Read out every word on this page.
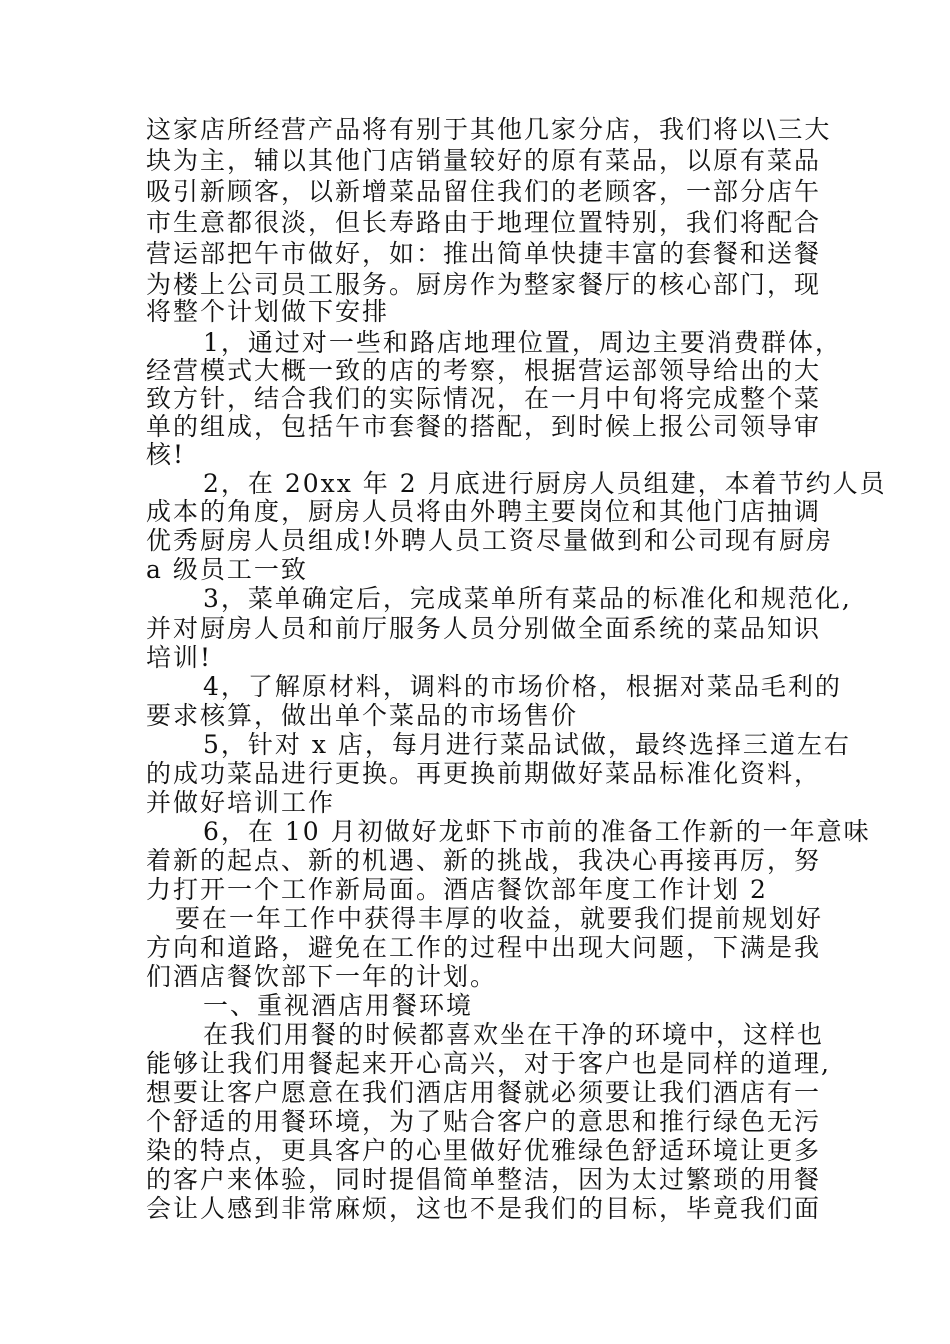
这家店所经营产品将有别于其他几家分店，我们将以\三大
块为主，辅以其他门店销量较好的原有菜品，以原有菜品
吸引新顾客，以新增菜品留住我们的老顾客，一部分店午
市生意都很淡，但长寿路由于地理位置特别，我们将配合
营运部把午市做好，如：推出简单快捷丰富的套餐和送餐
为楼上公司员工服务。厨房作为整家餐厅的核心部门，现
将整个计划做下安排
1，通过对一些和路店地理位置，周边主要消费群体，
经营模式大概一致的店的考察，根据营运部领导给出的大
致方针，结合我们的实际情况，在一月中旬将完成整个菜
单的组成，包括午市套餐的搭配，到时候上报公司领导审
核!
2，在 20xx 年 2 月底进行厨房人员组建，本着节约人员
成本的角度，厨房人员将由外聘主要岗位和其他门店抽调
优秀厨房人员组成!外聘人员工资尽量做到和公司现有厨房
a 级员工一致
3，菜单确定后，完成菜单所有菜品的标准化和规范化,
并对厨房人员和前厅服务人员分别做全面系统的菜品知识
培训!
4，了解原材料，调料的市场价格，根据对菜品毛利的
要求核算，做出单个菜品的市场售价
5，针对 x 店，每月进行菜品试做，最终选择三道左右
的成功菜品进行更换。再更换前期做好菜品标准化资料，
并做好培训工作
6，在 10 月初做好龙虾下市前的准备工作新的一年意味
着新的起点、新的机遇、新的挑战，我决心再接再厉，努
力打开一个工作新局面。酒店餐饮部年度工作计划 2
要在一年工作中获得丰厚的收益，就要我们提前规划好
方向和道路，避免在工作的过程中出现大问题，下满是我
们酒店餐饮部下一年的计划。
一、重视酒店用餐环境
在我们用餐的时候都喜欢坐在干净的环境中，这样也
能够让我们用餐起来开心高兴，对于客户也是同样的道理,
想要让客户愿意在我们酒店用餐就必须要让我们酒店有一
个舒适的用餐环境，为了贴合客户的意思和推行绿色无污
染的特点，更具客户的心里做好优雅绿色舒适环境让更多
的客户来体验，同时提倡简单整洁，因为太过繁琐的用餐
会让人感到非常麻烦，这也不是我们的目标，毕竟我们面
